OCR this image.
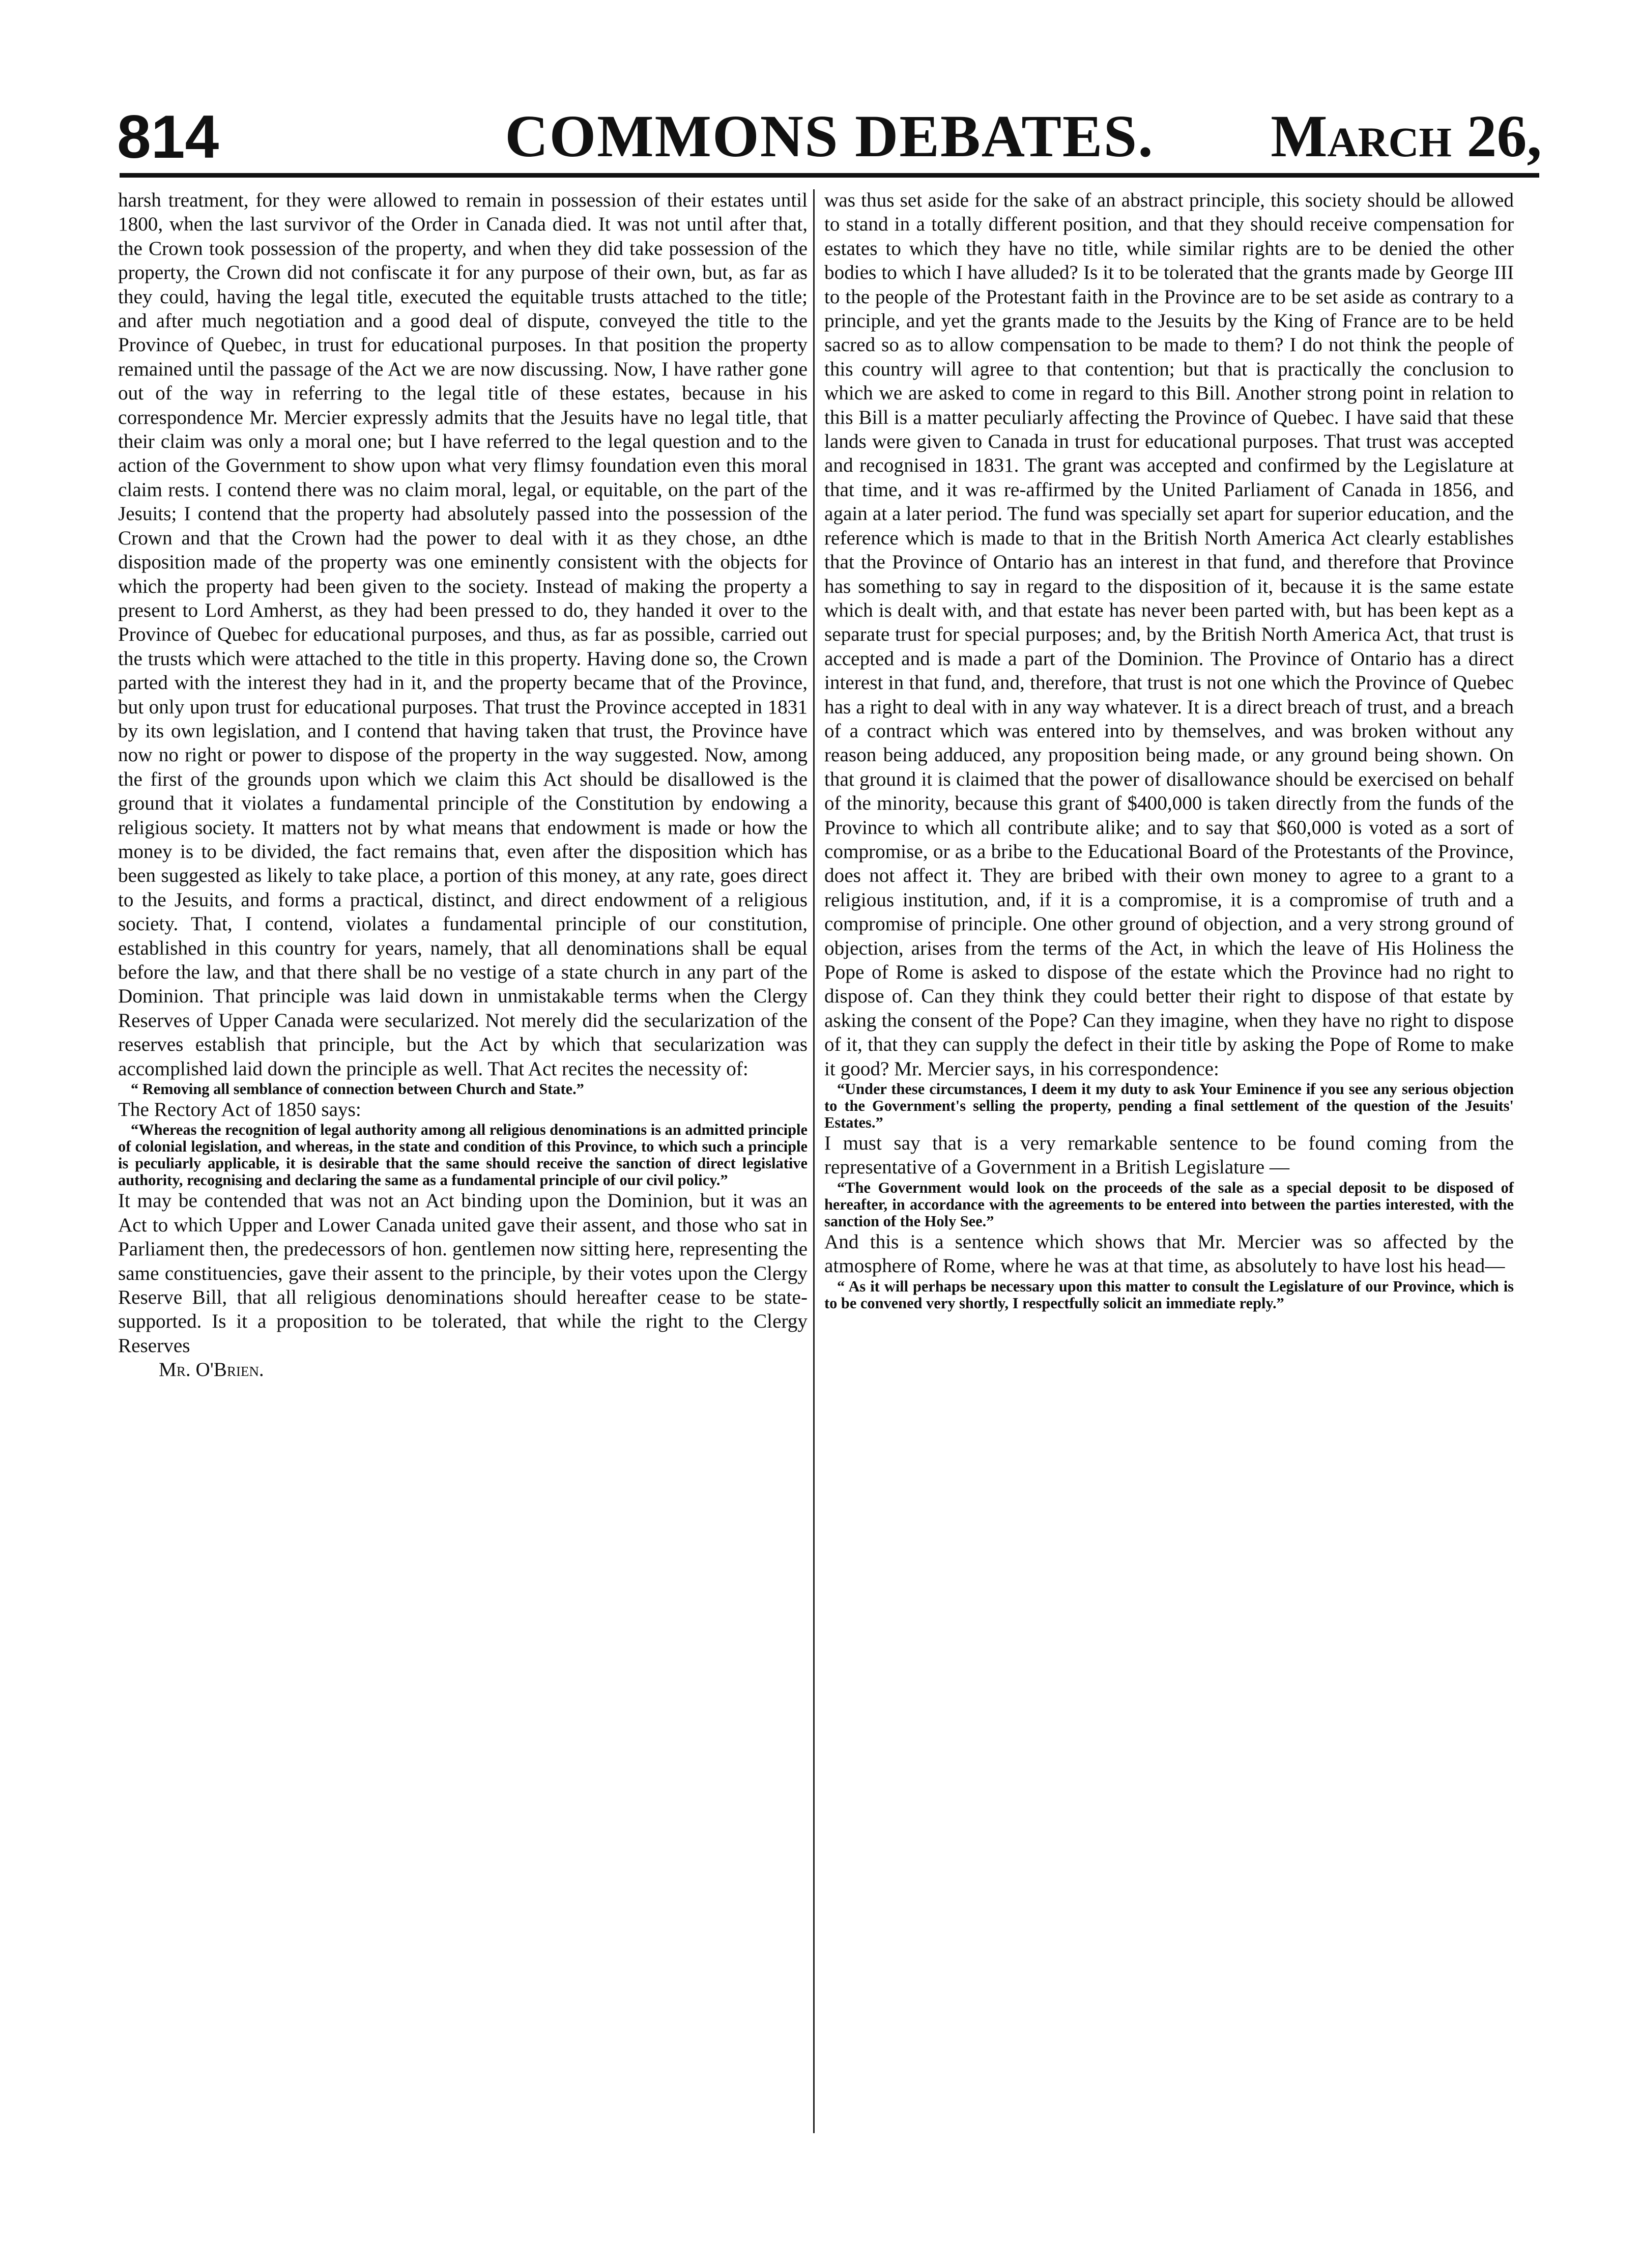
814	COMMONS DEBATES.	March 26,

harsh treatment, for they were allowed to remain in possession of their estates until 1800, when the last survivor of the Order in Canada died. It was not until after that, the Crown took possession of the property, and when they did take possession of the property, the Crown did not confiscate it for any purpose of their own, but, as far as they could, having the legal title, executed the equitable trusts attached to the title; and after much negotiation and a good deal of dispute, conveyed the title to the Province of Quebec, in trust for educational purposes. In that position the property remained until the passage of the Act we are now discussing. Now, I have rather gone out of the way in referring to the legal title of these estates, because in his correspondence Mr. Mercier expressly admits that the Jesuits have no legal title, that their claim was only a moral one; but I have referred to the legal question and to the action of the Government to show upon what very flimsy foundation even this moral claim rests. I contend there was no claim moral, legal, or equitable, on the part of the Jesuits; I contend that the property had absolutely passed into the possession of the Crown and that the Crown had the power to deal with it as they chose, an dthe disposition made of the property was one eminently consistent with the objects for which the property had been given to the society. Instead of making the property a present to Lord Amherst, as they had been pressed to do, they handed it over to the Province of Quebec for educational purposes, and thus, as far as possible, carried out the trusts which were attached to the title in this property. Having done so, the Crown parted with the interest they had in it, and the property became that of the Province, but only upon trust for educational purposes. That trust the Province accepted in 1831 by its own legislation, and I contend that having taken that trust, the Province have now no right or power to dispose of the property in the way suggested. Now, among the first of the grounds upon which we claim this Act should be disallowed is the ground that it violates a fundamental principle of the Constitution by endowing a religious society. It matters not by what means that endowment is made or how the money is to be divided, the fact remains that, even after the disposition which has been suggested as likely to take place, a portion of this money, at any rate, goes direct to the Jesuits, and forms a practical, distinct, and direct endowment of a religious society. That, I contend, violates a fundamental principle of our constitution, established in this country for years, namely, that all denominations shall be equal before the law, and that there shall be no vestige of a state church in any part of the Dominion. That principle was laid down in unmistakable terms when the Clergy Reserves of Upper Canada were secularized. Not merely did the secularization of the reserves establish that principle, but the Act by which that secularization was accomplished laid down the principle as well. That Act recites the necessity of:

“ Removing all semblance of connection between Church and State.”

The Rectory Act of 1850 says:

“Whereas the recognition of legal authority among all religious denominations is an admitted principle of colonial legislation, and whereas, in the state and condition of this Province, to which such a principle is peculiarly applicable, it is desirable that the same should receive the sanction of direct legislative authority, recognising and declaring the same as a fundamental principle of our civil policy.”

It may be contended that was not an Act binding upon the Dominion, but it was an Act to which Upper and Lower Canada united gave their assent, and those who sat in Parliament then, the predecessors of hon. gentlemen now sitting here, representing the same constituencies, gave their assent to the principle, by their votes upon the Clergy Reserve Bill, that all religious denominations should hereafter cease to be state-supported. Is it a proposition to be tolerated, that while the right to the Clergy Reserves

Mr. O'Brien.

was thus set aside for the sake of an abstract principle, this society should be allowed to stand in a totally different position, and that they should receive compensation for estates to which they have no title, while similar rights are to be denied the other bodies to which I have alluded? Is it to be tolerated that the grants made by George III to the people of the Protestant faith in the Province are to be set aside as contrary to a principle, and yet the grants made to the Jesuits by the King of France are to be held sacred so as to allow compensation to be made to them? I do not think the people of this country will agree to that contention; but that is practically the conclusion to which we are asked to come in regard to this Bill. Another strong point in relation to this Bill is a matter peculiarly affecting the Province of Quebec. I have said that these lands were given to Canada in trust for educational purposes. That trust was accepted and recognised in 1831. The grant was accepted and confirmed by the Legislature at that time, and it was re-affirmed by the United Parliament of Canada in 1856, and again at a later period. The fund was specially set apart for superior education, and the reference which is made to that in the British North America Act clearly establishes that the Province of Ontario has an interest in that fund, and therefore that Province has something to say in regard to the disposition of it, because it is the same estate which is dealt with, and that estate has never been parted with, but has been kept as a separate trust for special purposes; and, by the British North America Act, that trust is accepted and is made a part of the Dominion. The Province of Ontario has a direct interest in that fund, and, therefore, that trust is not one which the Province of Quebec has a right to deal with in any way whatever. It is a direct breach of trust, and a breach of a contract which was entered into by themselves, and was broken without any reason being adduced, any proposition being made, or any ground being shown. On that ground it is claimed that the power of disallowance should be exercised on behalf of the minority, because this grant of $400,000 is taken directly from the funds of the Province to which all contribute alike; and to say that $60,000 is voted as a sort of compromise, or as a bribe to the Educational Board of the Protestants of the Province, does not affect it. They are bribed with their own money to agree to a grant to a religious institution, and, if it is a compromise, it is a compromise of truth and a compromise of principle. One other ground of objection, and a very strong ground of objection, arises from the terms of the Act, in which the leave of His Holiness the Pope of Rome is asked to dispose of the estate which the Province had no right to dispose of. Can they think they could better their right to dispose of that estate by asking the consent of the Pope? Can they imagine, when they have no right to dispose of it, that they can supply the defect in their title by asking the Pope of Rome to make it good? Mr. Mercier says, in his correspondence:

“Under these circumstances, I deem it my duty to ask Your Eminence if you see any serious objection to the Government's selling the property, pending a final settlement of the question of the Jesuits' Estates.”

I must say that is a very remarkable sentence to be found coming from the representative of a Government in a British Legislature —

“The Government would look on the proceeds of the sale as a special deposit to be disposed of hereafter, in accordance with the agreements to be entered into between the parties interested, with the sanction of the Holy See.”

And this is a sentence which shows that Mr. Mercier was so affected by the atmosphere of Rome, where he was at that time, as absolutely to have lost his head—

“ As it will perhaps be necessary upon this matter to consult the Legislature of our Province, which is to be convened very shortly, I respectfully solicit an immediate reply.”
